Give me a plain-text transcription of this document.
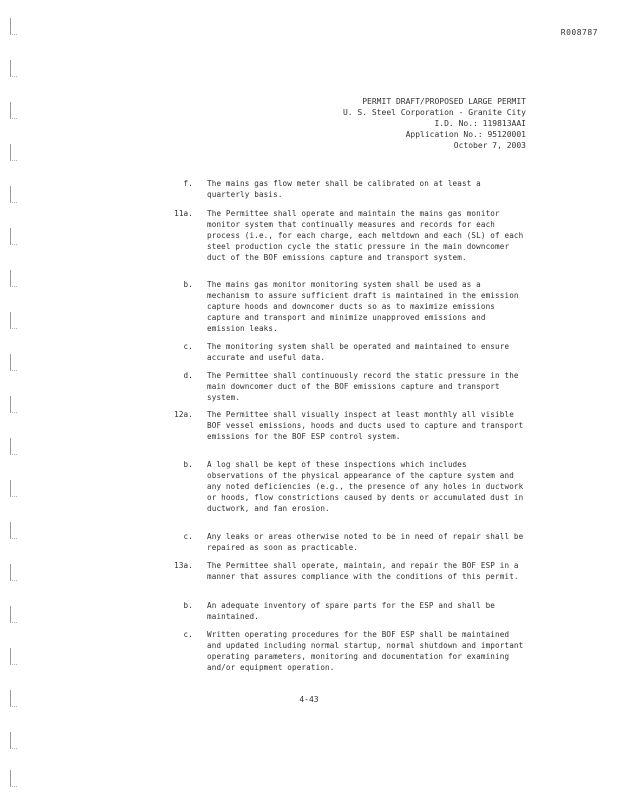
R008787
PERMIT DRAFT/PROPOSED LARGE PERMIT
U. S. Steel Corporation - Granite City
I.D. No.: 119813AAI
Application No.: 95120001
October 7, 2003
f. The mains gas flow meter shall be calibrated on at least a quarterly basis.
11a. The Permittee shall operate and maintain the mains gas monitor monitor system that continually measures and records for each process (i.e., for each charge, each meltdown and each (SL) of each steel production cycle the static pressure in the main downcomer duct of the BOF emissions capture and transport system.
b. The mains gas monitor monitoring system shall be used as a mechanism to assure sufficient draft is maintained in the emission capture hoods and downcomer ducts so as to maximize emissions capture and transport and minimize unapproved emissions and emission leaks.
c. The monitoring system shall be operated and maintained to ensure accurate and useful data.
d. The Permittee shall continuously record the static pressure in the main downcomer duct of the BOF emissions capture and transport system.
12a. The Permittee shall visually inspect at least monthly all visible BOF vessel emissions, hoods and ducts used to capture and transport emissions for the BOF ESP control system.
b. A log shall be kept of these inspections which includes observations of the physical appearance of the capture system and any noted deficiencies (e.g., the presence of any holes in ductwork or hoods, flow constrictions caused by dents or accumulated dust in ductwork, and fan erosion.
c. Any leaks or areas otherwise noted to be in need of repair shall be repaired as soon as practicable.
13a. The Permittee shall operate, maintain, and repair the BOF ESP in a manner that assures compliance with the conditions of this permit.
b. An adequate inventory of spare parts for the ESP and shall be maintained.
c. Written operating procedures for the BOF ESP shall be maintained and updated including normal startup, normal shutdown and important operating parameters, monitoring and documentation for examining and/or equipment operation.
4-43
